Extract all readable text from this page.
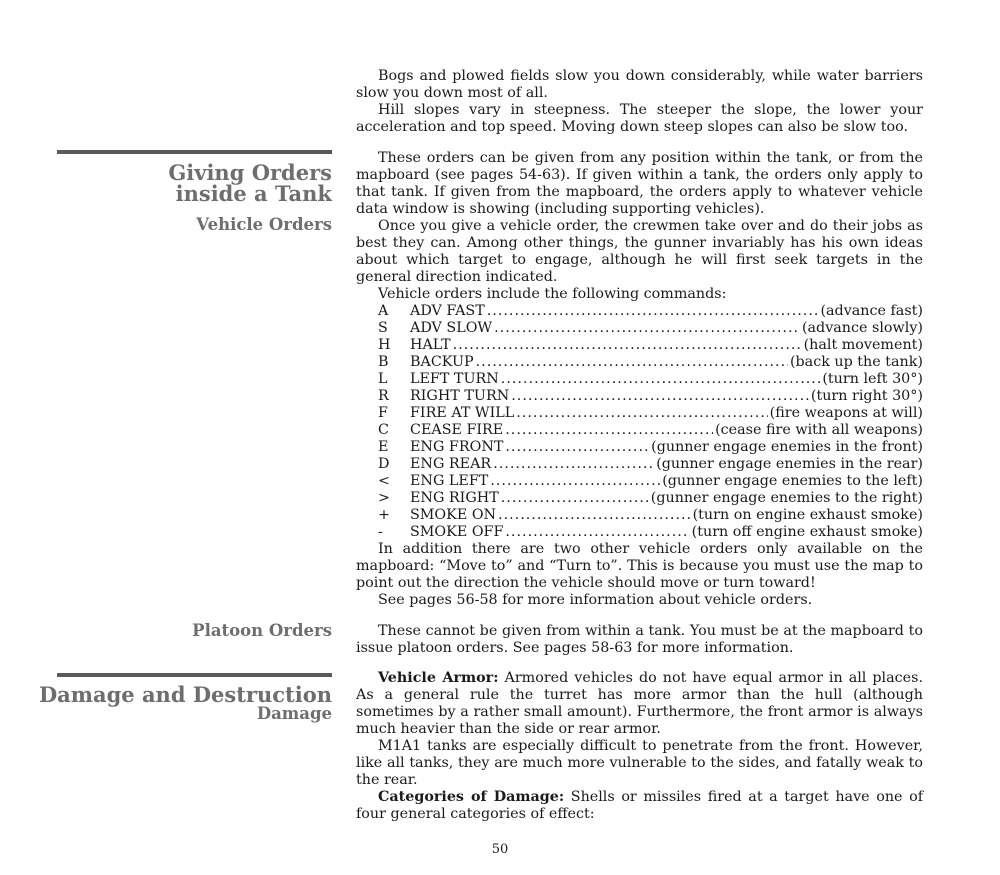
Bogs and plowed fields slow you down considerably, while water barriers slow you down most of all.

Hill slopes vary in steepness. The steeper the slope, the lower your acceleration and top speed. Moving down steep slopes can also be slow too.

Giving Orders
inside a Tank
Vehicle Orders

These orders can be given from any position within the tank, or from the mapboard (see pages 54-63). If given within a tank, the orders only apply to that tank. If given from the mapboard, the orders apply to whatever vehicle data window is showing (including supporting vehicles).

Once you give a vehicle order, the crewmen take over and do their jobs as best they can. Among other things, the gunner invariably has his own ideas about which target to engage, although he will first seek targets in the general direction indicated.

Vehicle orders include the following commands:

A	ADV FAST .....	(advance fast)
S	ADV SLOW .....	(advance slowly)
H	HALT .....	(halt movement)
B	BACKUP .....	(back up the tank)
L	LEFT TURN .....	(turn left 30°)
R	RIGHT TURN .....	(turn right 30°)
F	FIRE AT WILL .....	(fire weapons at will)
C	CEASE FIRE .....	(cease fire with all weapons)
E	ENG FRONT .....	(gunner engage enemies in the front)
D	ENG REAR .....	(gunner engage enemies in the rear)
<	ENG LEFT .....	(gunner engage enemies to the left)
>	ENG RIGHT .....	(gunner engage enemies to the right)
+	SMOKE ON .....	(turn on engine exhaust smoke)
-	SMOKE OFF .....	(turn off engine exhaust smoke)

In addition there are two other vehicle orders only available on the mapboard: “Move to” and “Turn to”. This is because you must use the map to point out the direction the vehicle should move or turn toward!

See pages 56-58 for more information about vehicle orders.

Platoon Orders	These cannot be given from within a tank. You must be at the mapboard to issue platoon orders. See pages 58-63 for more information.

Damage and Destruction
Damage

Vehicle Armor: Armored vehicles do not have equal armor in all places. As a general rule the turret has more armor than the hull (although sometimes by a rather small amount). Furthermore, the front armor is always much heavier than the side or rear armor.

M1A1 tanks are especially difficult to penetrate from the front. However, like all tanks, they are much more vulnerable to the sides, and fatally weak to the rear.

Categories of Damage: Shells or missiles fired at a target have one of four general categories of effect:

50
